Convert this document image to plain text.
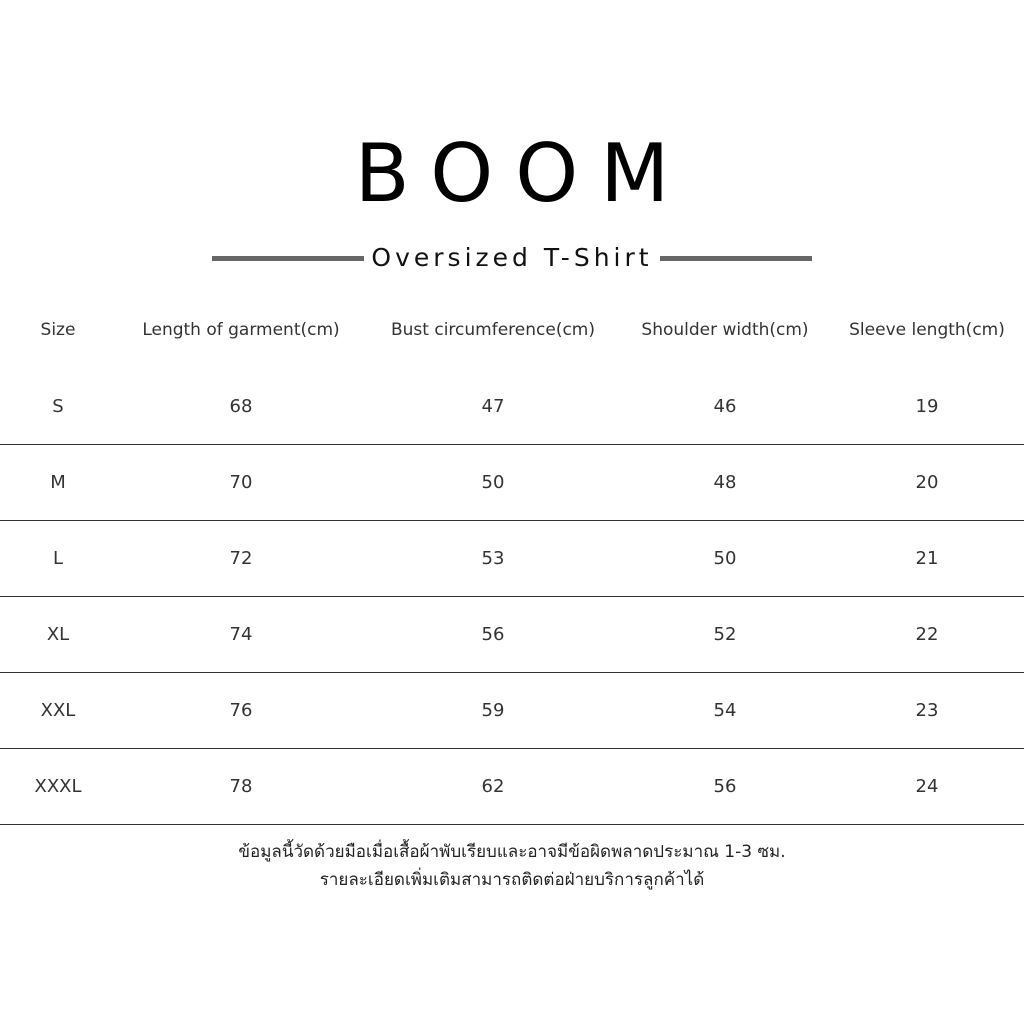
BOOM
Oversized T-Shirt
Size	Length of garment(cm)	Bust circumference(cm)	Shoulder width(cm)	Sleeve length(cm)
S	68	47	46	19
M	70	50	48	20
L	72	53	50	21
XL	74	56	52	22
XXL	76	59	54	23
XXXL	78	62	56	24
ข้อมูลนี้วัดด้วยมือเมื่อเสื้อผ้าพับเรียบและอาจมีข้อผิดพลาดประมาณ 1-3 ซม.
รายละเอียดเพิ่มเติมสามารถติดต่อฝ่ายบริการลูกค้าได้
